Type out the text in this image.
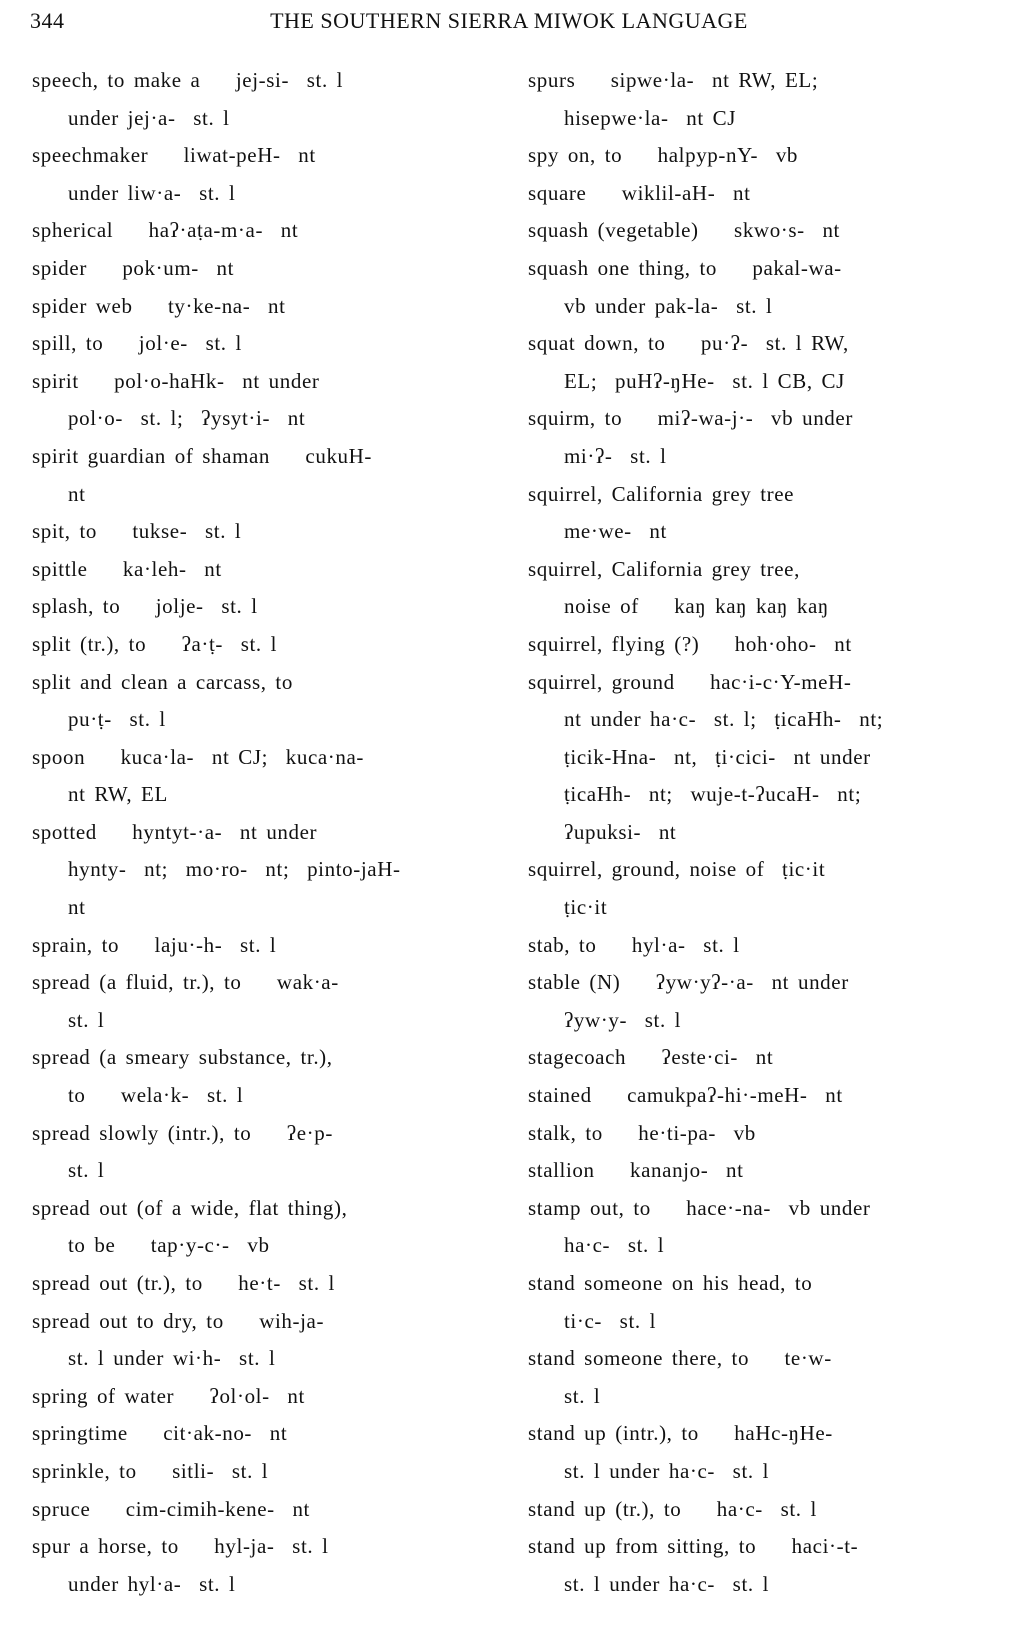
344	THE SOUTHERN SIERRA MIWOK LANGUAGE
speech, to make a    jej-si-  st. l
under jej·a-  st. l
speechmaker    liwat-peH-  nt
under liw·a-  st. l
spherical    haʔ·aṭa-m·a-  nt
spider    pok·um-  nt
spider web    ty·ke-na-  nt
spill, to    jol·e-  st. l
spirit    pol·o-haHk-  nt under
pol·o-  st. l;  ʔysyt·i-  nt
spirit guardian of shaman    cukuH-
nt
spit, to    tukse-  st. l
spittle    ka·leh-  nt
splash, to    jolje-  st. l
split (tr.), to    ʔa·ṭ-  st. l
split and clean a carcass, to
pu·ṭ-  st. l
spoon    kuca·la-  nt CJ;  kuca·na-
nt RW, EL
spotted    hyntyt-·a-  nt under
hynty-  nt;  mo·ro-  nt;  pinto-jaH-
nt
sprain, to    laju·-h-  st. l
spread (a fluid, tr.), to    wak·a-
st. l
spread (a smeary substance, tr.),
to    wela·k-  st. l
spread slowly (intr.), to    ʔe·p-
st. l
spread out (of a wide, flat thing),
to be    tap·y-c·-  vb
spread out (tr.), to    he·t-  st. l
spread out to dry, to    wih-ja-
st. l under wi·h-  st. l
spring of water    ʔol·ol-  nt
springtime    cit·ak-no-  nt
sprinkle, to    sitli-  st. l
spruce    cim-cimih-kene-  nt
spur a horse, to    hyl-ja-  st. l
under hyl·a-  st. l
spurs    sipwe·la-  nt RW, EL;
hisepwe·la-  nt CJ
spy on, to    halpyp-nY-  vb
square    wiklil-aH-  nt
squash (vegetable)    skwo·s-  nt
squash one thing, to    pakal-wa-
vb under pak-la-  st. l
squat down, to    pu·ʔ-  st. l RW,
EL;  puHʔ-ŋHe-  st. l CB, CJ
squirm, to    miʔ-wa-j·-  vb under
mi·ʔ-  st. l
squirrel, California grey tree
me·we-  nt
squirrel, California grey tree,
noise of    kaŋ kaŋ kaŋ kaŋ
squirrel, flying (?)    hoh·oho-  nt
squirrel, ground    hac·i-c·Y-meH-
nt under ha·c-  st. l;  ṭicaHh-  nt;
ṭicik-Hna-  nt,  ṭi·cici-  nt under
ṭicaHh-  nt;  wuje-t-ʔucaH-  nt;
ʔupuksi-  nt
squirrel, ground, noise of  ṭic·it
ṭic·it
stab, to    hyl·a-  st. l
stable (N)    ʔyw·yʔ-·a-  nt under
ʔyw·y-  st. l
stagecoach    ʔeste·ci-  nt
stained    camukpaʔ-hi·-meH-  nt
stalk, to    he·ti-pa-  vb
stallion    kananjo-  nt
stamp out, to    hace·-na-  vb under
ha·c-  st. l
stand someone on his head, to
ti·c-  st. l
stand someone there, to    te·w-
st. l
stand up (intr.), to    haHc-ŋHe-
st. l under ha·c-  st. l
stand up (tr.), to    ha·c-  st. l
stand up from sitting, to    haci·-t-
st. l under ha·c-  st. l
